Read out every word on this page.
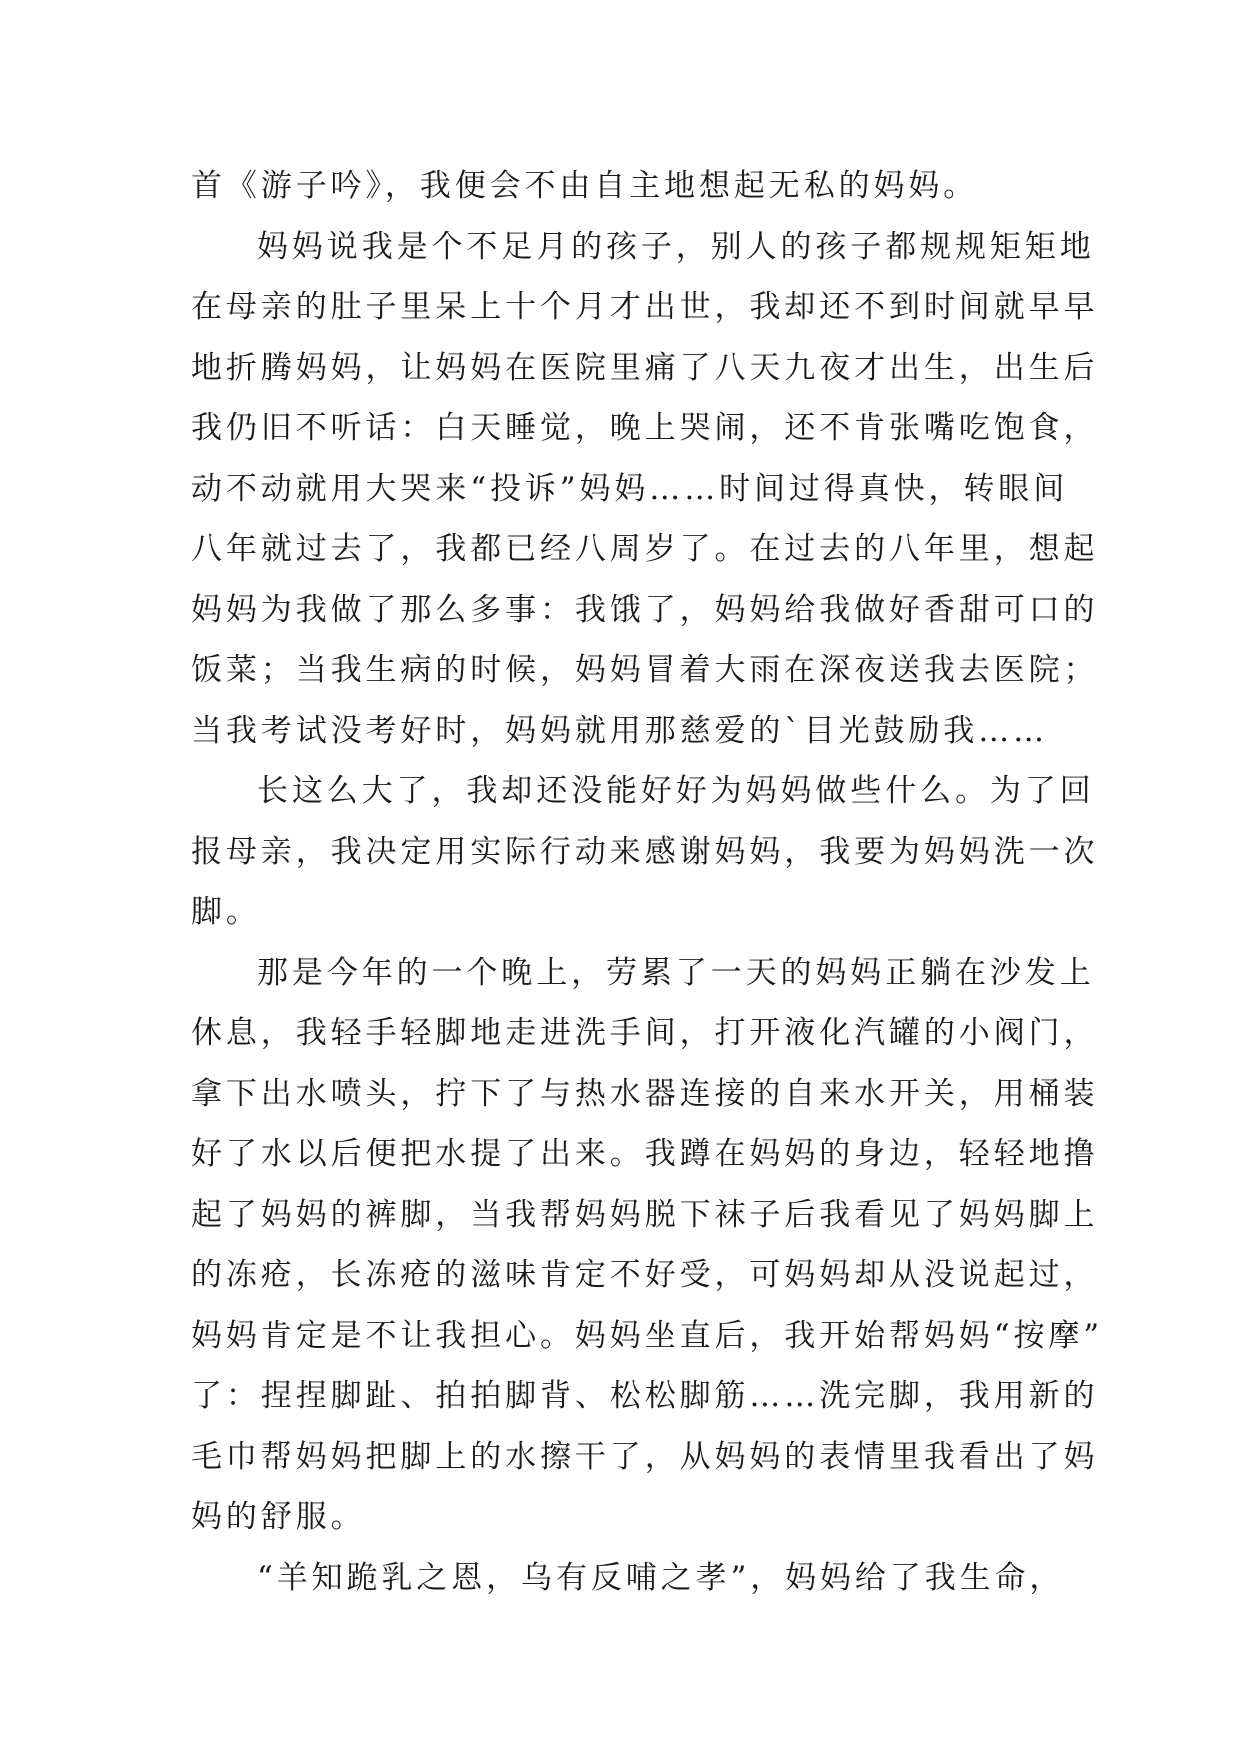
首《游子吟》，我便会不由自主地想起无私的妈妈。
妈妈说我是个不足月的孩子，别人的孩子都规规矩矩地
在母亲的肚子里呆上十个月才出世，我却还不到时间就早早
地折腾妈妈，让妈妈在医院里痛了八天九夜才出生，出生后
我仍旧不听话：白天睡觉，晚上哭闹，还不肯张嘴吃饱食，
动不动就用大哭来“投诉”妈妈……时间过得真快，转眼间
八年就过去了，我都已经八周岁了。在过去的八年里，想起
妈妈为我做了那么多事：我饿了，妈妈给我做好香甜可口的
饭菜；当我生病的时候，妈妈冒着大雨在深夜送我去医院；
当我考试没考好时，妈妈就用那慈爱的`目光鼓励我……
长这么大了，我却还没能好好为妈妈做些什么。为了回
报母亲，我决定用实际行动来感谢妈妈，我要为妈妈洗一次
脚。
那是今年的一个晚上，劳累了一天的妈妈正躺在沙发上
休息，我轻手轻脚地走进洗手间，打开液化汽罐的小阀门，
拿下出水喷头，拧下了与热水器连接的自来水开关，用桶装
好了水以后便把水提了出来。我蹲在妈妈的身边，轻轻地撸
起了妈妈的裤脚，当我帮妈妈脱下袜子后我看见了妈妈脚上
的冻疮，长冻疮的滋味肯定不好受，可妈妈却从没说起过，
妈妈肯定是不让我担心。妈妈坐直后，我开始帮妈妈“按摩”
了：捏捏脚趾、拍拍脚背、松松脚筋……洗完脚，我用新的
毛巾帮妈妈把脚上的水擦干了，从妈妈的表情里我看出了妈
妈的舒服。
“羊知跪乳之恩，乌有反哺之孝”，妈妈给了我生命，
